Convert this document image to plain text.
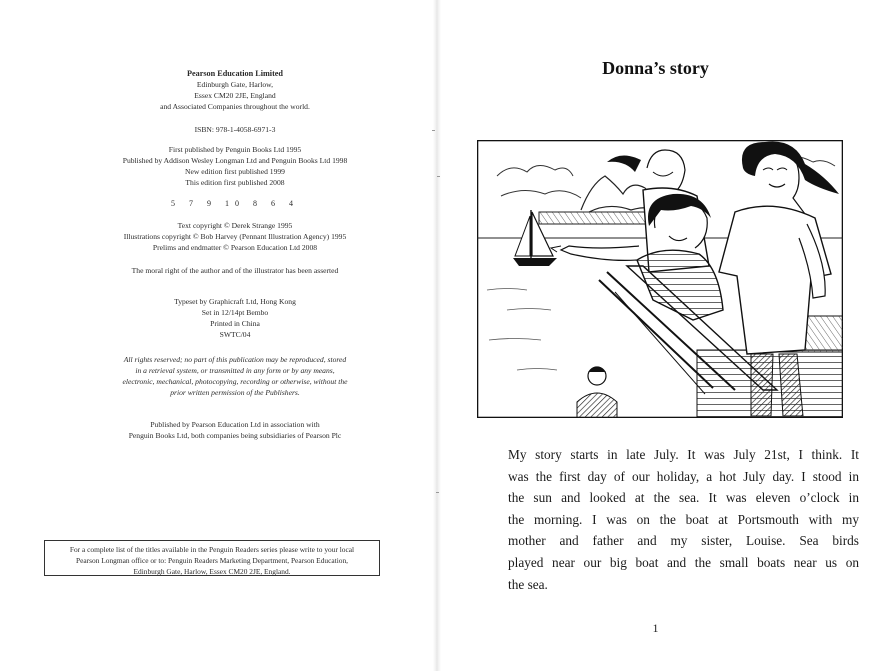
Pearson Education Limited
Edinburgh Gate, Harlow,
Essex CM20 2JE, England
and Associated Companies throughout the world.
ISBN: 978-1-4058-6971-3
First published by Penguin Books Ltd 1995
Published by Addison Wesley Longman Ltd and Penguin Books Ltd 1998
New edition first published 1999
This edition first published 2008
5 7 9 10 8 6 4
Text copyright © Derek Strange 1995
Illustrations copyright © Bob Harvey (Pennant Illustration Agency) 1995
Prelims and endmatter © Pearson Education Ltd 2008
The moral right of the author and of the illustrator has been asserted
Typeset by Graphicraft Ltd, Hong Kong
Set in 12/14pt Bembo
Printed in China
SWTC/04
All rights reserved; no part of this publication may be reproduced, stored
in a retrieval system, or transmitted in any form or by any means,
electronic, mechanical, photocopying, recording or otherwise, without the
prior written permission of the Publishers.
Published by Pearson Education Ltd in association with
Penguin Books Ltd, both companies being subsidiaries of Pearson Plc
For a complete list of the titles available in the Penguin Readers series please write to your local
Pearson Longman office or to: Penguin Readers Marketing Department, Pearson Education,
Edinburgh Gate, Harlow, Essex CM20 2JE, England.
Donna’s story
My story starts in late July. It was July 21st, I think. It
was the first day of our holiday, a hot July day. I stood in
the sun and looked at the sea. It was eleven o’clock in
the morning. I was on the boat at Portsmouth with my
mother and father and my sister, Louise. Sea birds
played near our big boat and the small boats near us on
the sea.
1
